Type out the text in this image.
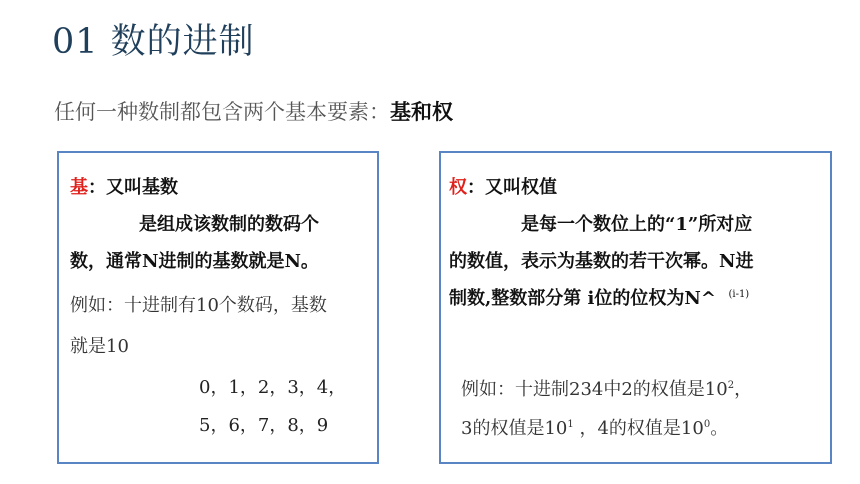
01 数的进制
任何一种数制都包含两个基本要素：基和权
基：又叫基数
是组成该数制的数码个
数，通常N进制的基数就是N。
例如：十进制有10个数码，基数
就是10
0，1，2，3，4，
5，6，7，8，9
权：又叫权值
是每一个数位上的“1”所对应
的数值，表示为基数的若干次幂。N进
制数,整数部分第 i位的位权为N^ $^{(i-1)}$
例如：十进制234中2的权值是$10^2$，
3的权值是$10^1$ ，4的权值是$10^0$。
